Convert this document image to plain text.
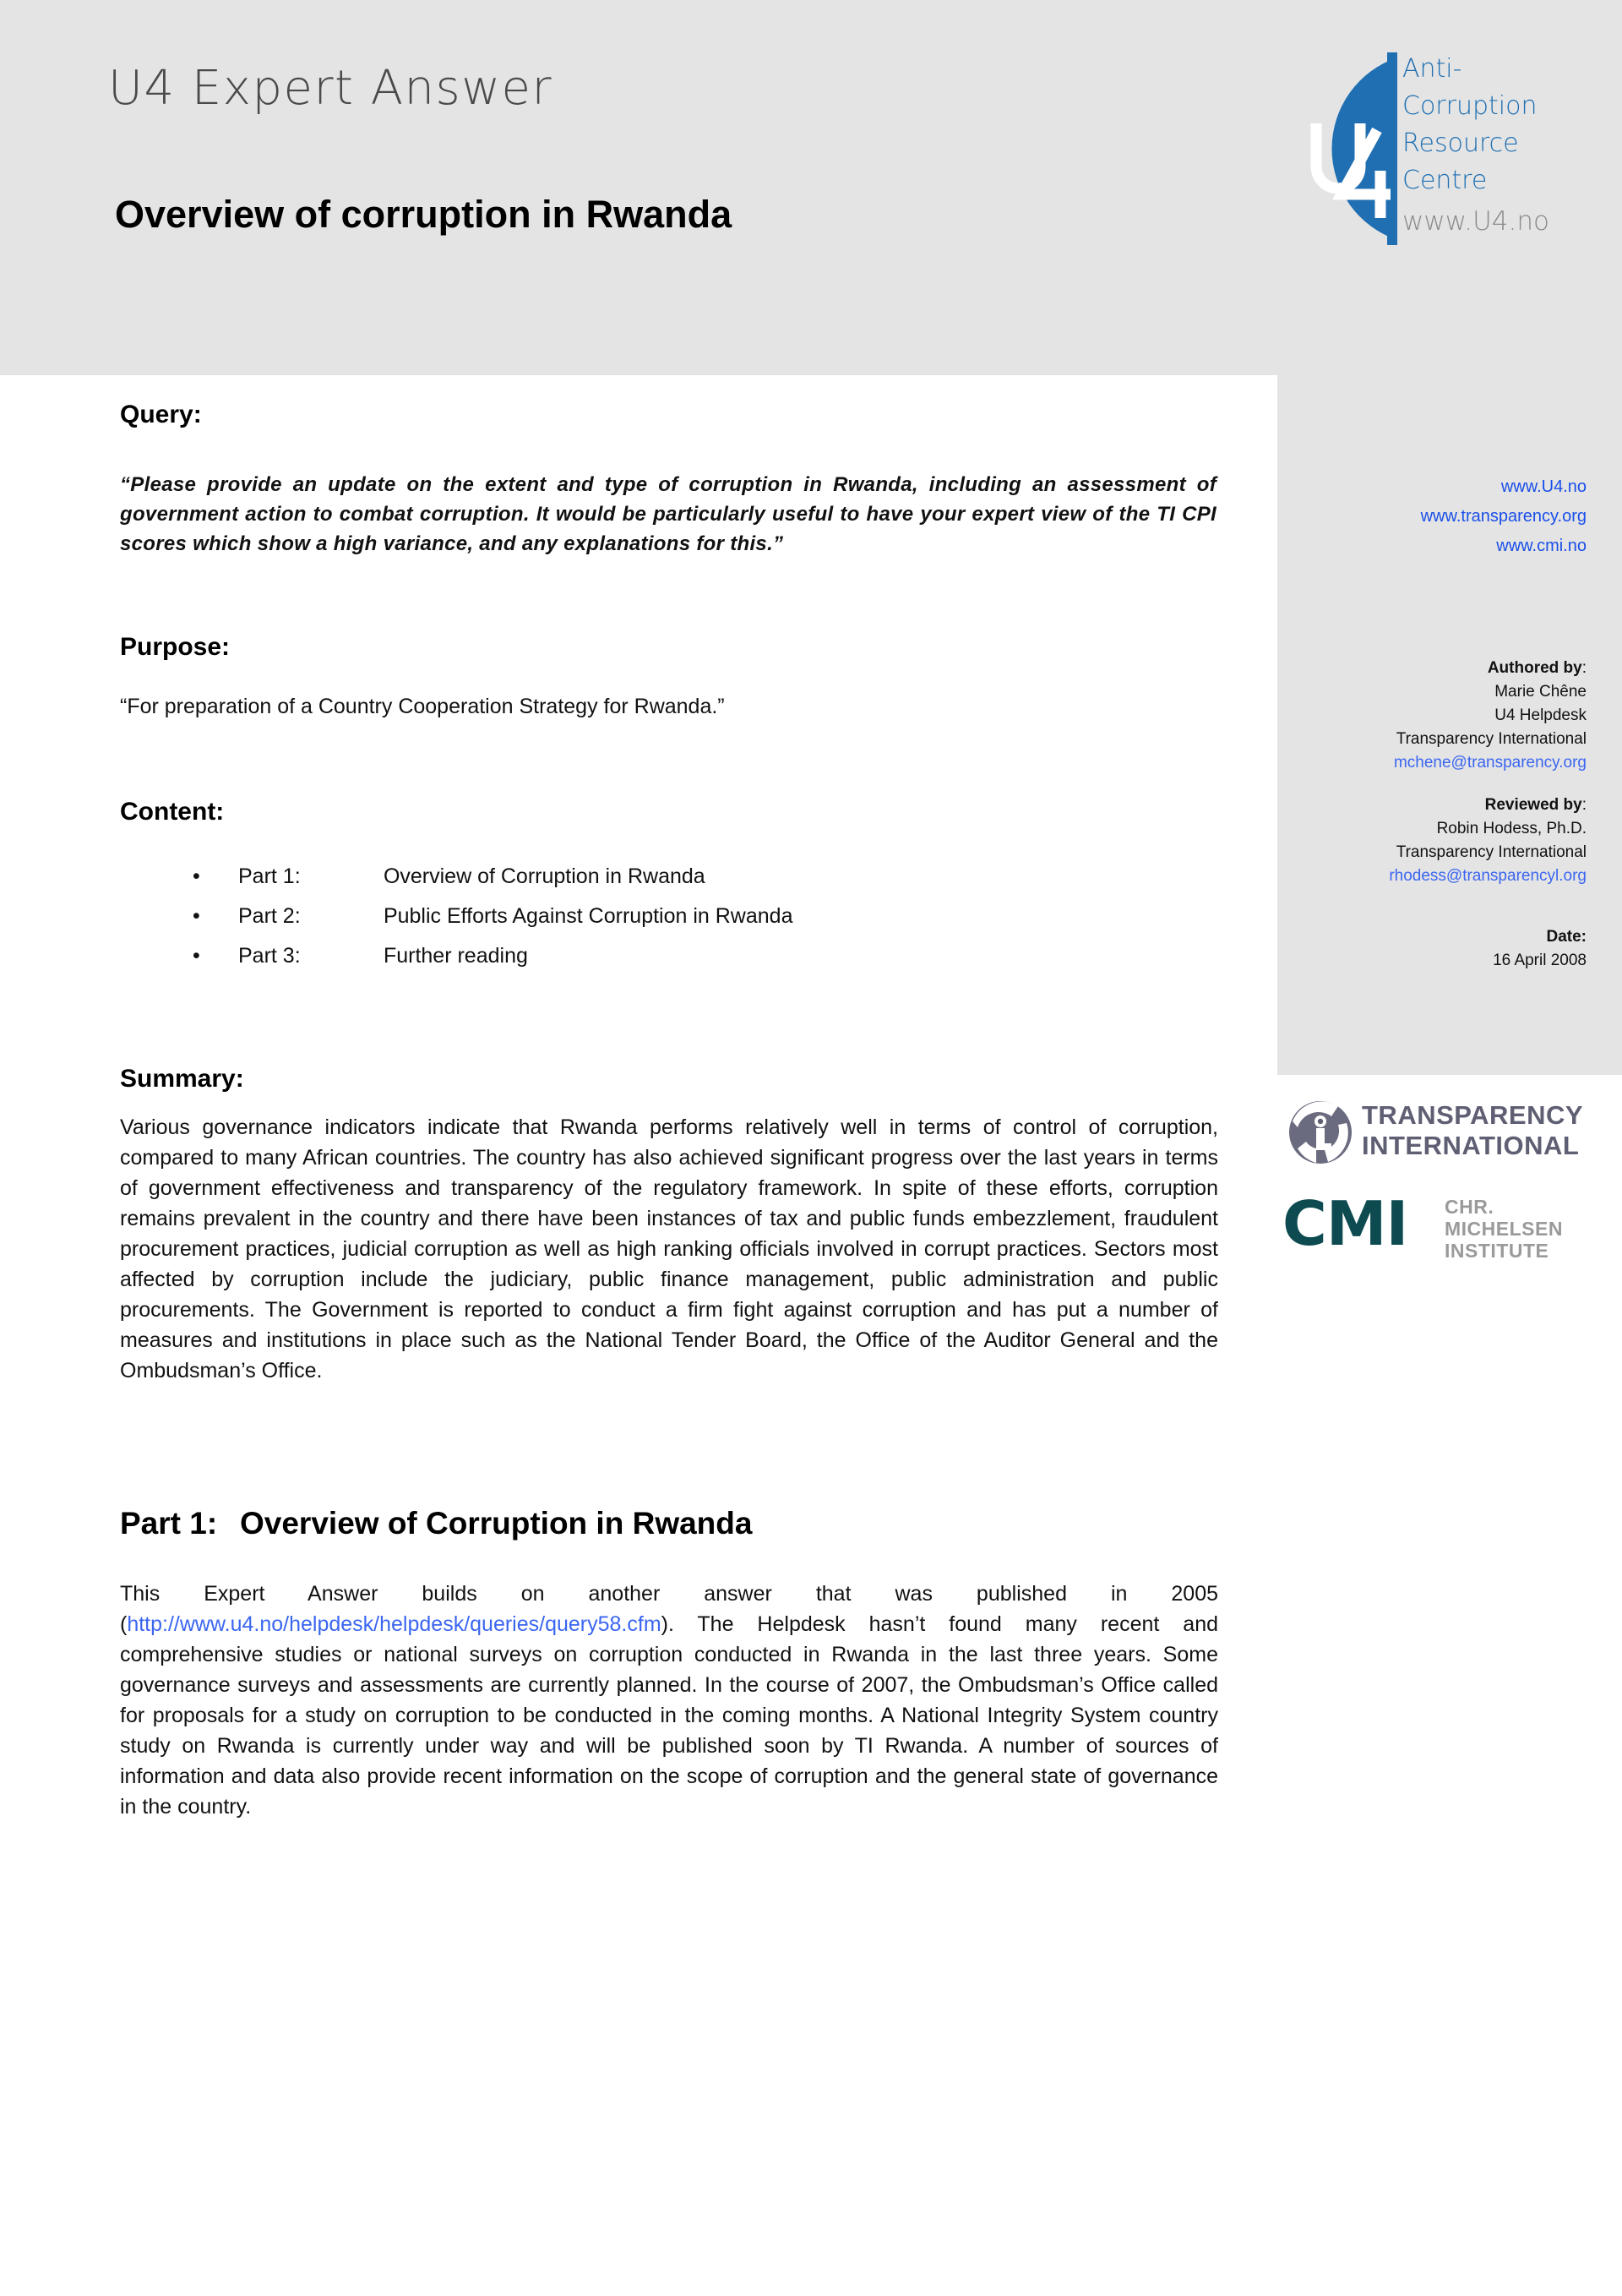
U4 Expert Answer
Overview of corruption in Rwanda
Anti-
Corruption
Resource
Centre
www.U4.no
www.U4.no
www.transparency.org
www.cmi.no
Authored by:
Marie Chêne
U4 Helpdesk
Transparency International
mchene@transparency.org
Reviewed by:
Robin Hodess, Ph.D.
Transparency International
rhodess@transparencyl.org
Date:
16 April 2008
TRANSPARENCY
INTERNATIONAL
CMI CHR.
MICHELSEN
INSTITUTE
Query:
“Please provide an update on the extent and type of corruption in Rwanda, including an assessment of government action to combat corruption. It would be particularly useful to have your expert view of the TI CPI scores which show a high variance, and any explanations for this.”
Purpose:
“For preparation of a Country Cooperation Strategy for Rwanda.”
Content:
• Part 1:	Overview of Corruption in Rwanda
• Part 2:	Public Efforts Against Corruption in Rwanda
• Part 3:	Further reading
Summary:
Various governance indicators indicate that Rwanda performs relatively well in terms of control of corruption, compared to many African countries. The country has also achieved significant progress over the last years in terms of government effectiveness and transparency of the regulatory framework. In spite of these efforts, corruption remains prevalent in the country and there have been instances of tax and public funds embezzlement, fraudulent procurement practices, judicial corruption as well as high ranking officials involved in corrupt practices. Sectors most affected by corruption include the judiciary, public finance management, public administration and public procurements. The Government is reported to conduct a firm fight against corruption and has put a number of measures and institutions in place such as the National Tender Board, the Office of the Auditor General and the Ombudsman’s Office.
Part 1: Overview of Corruption in Rwanda
This Expert Answer builds on another answer that was published in 2005 (http://www.u4.no/helpdesk/helpdesk/queries/query58.cfm). The Helpdesk hasn’t found many recent and comprehensive studies or national surveys on corruption conducted in Rwanda in the last three years. Some governance surveys and assessments are currently planned. In the course of 2007, the Ombudsman’s Office called for proposals for a study on corruption to be conducted in the coming months. A National Integrity System country study on Rwanda is currently under way and will be published soon by TI Rwanda. A number of sources of information and data also provide recent information on the scope of corruption and the general state of governance in the country.
